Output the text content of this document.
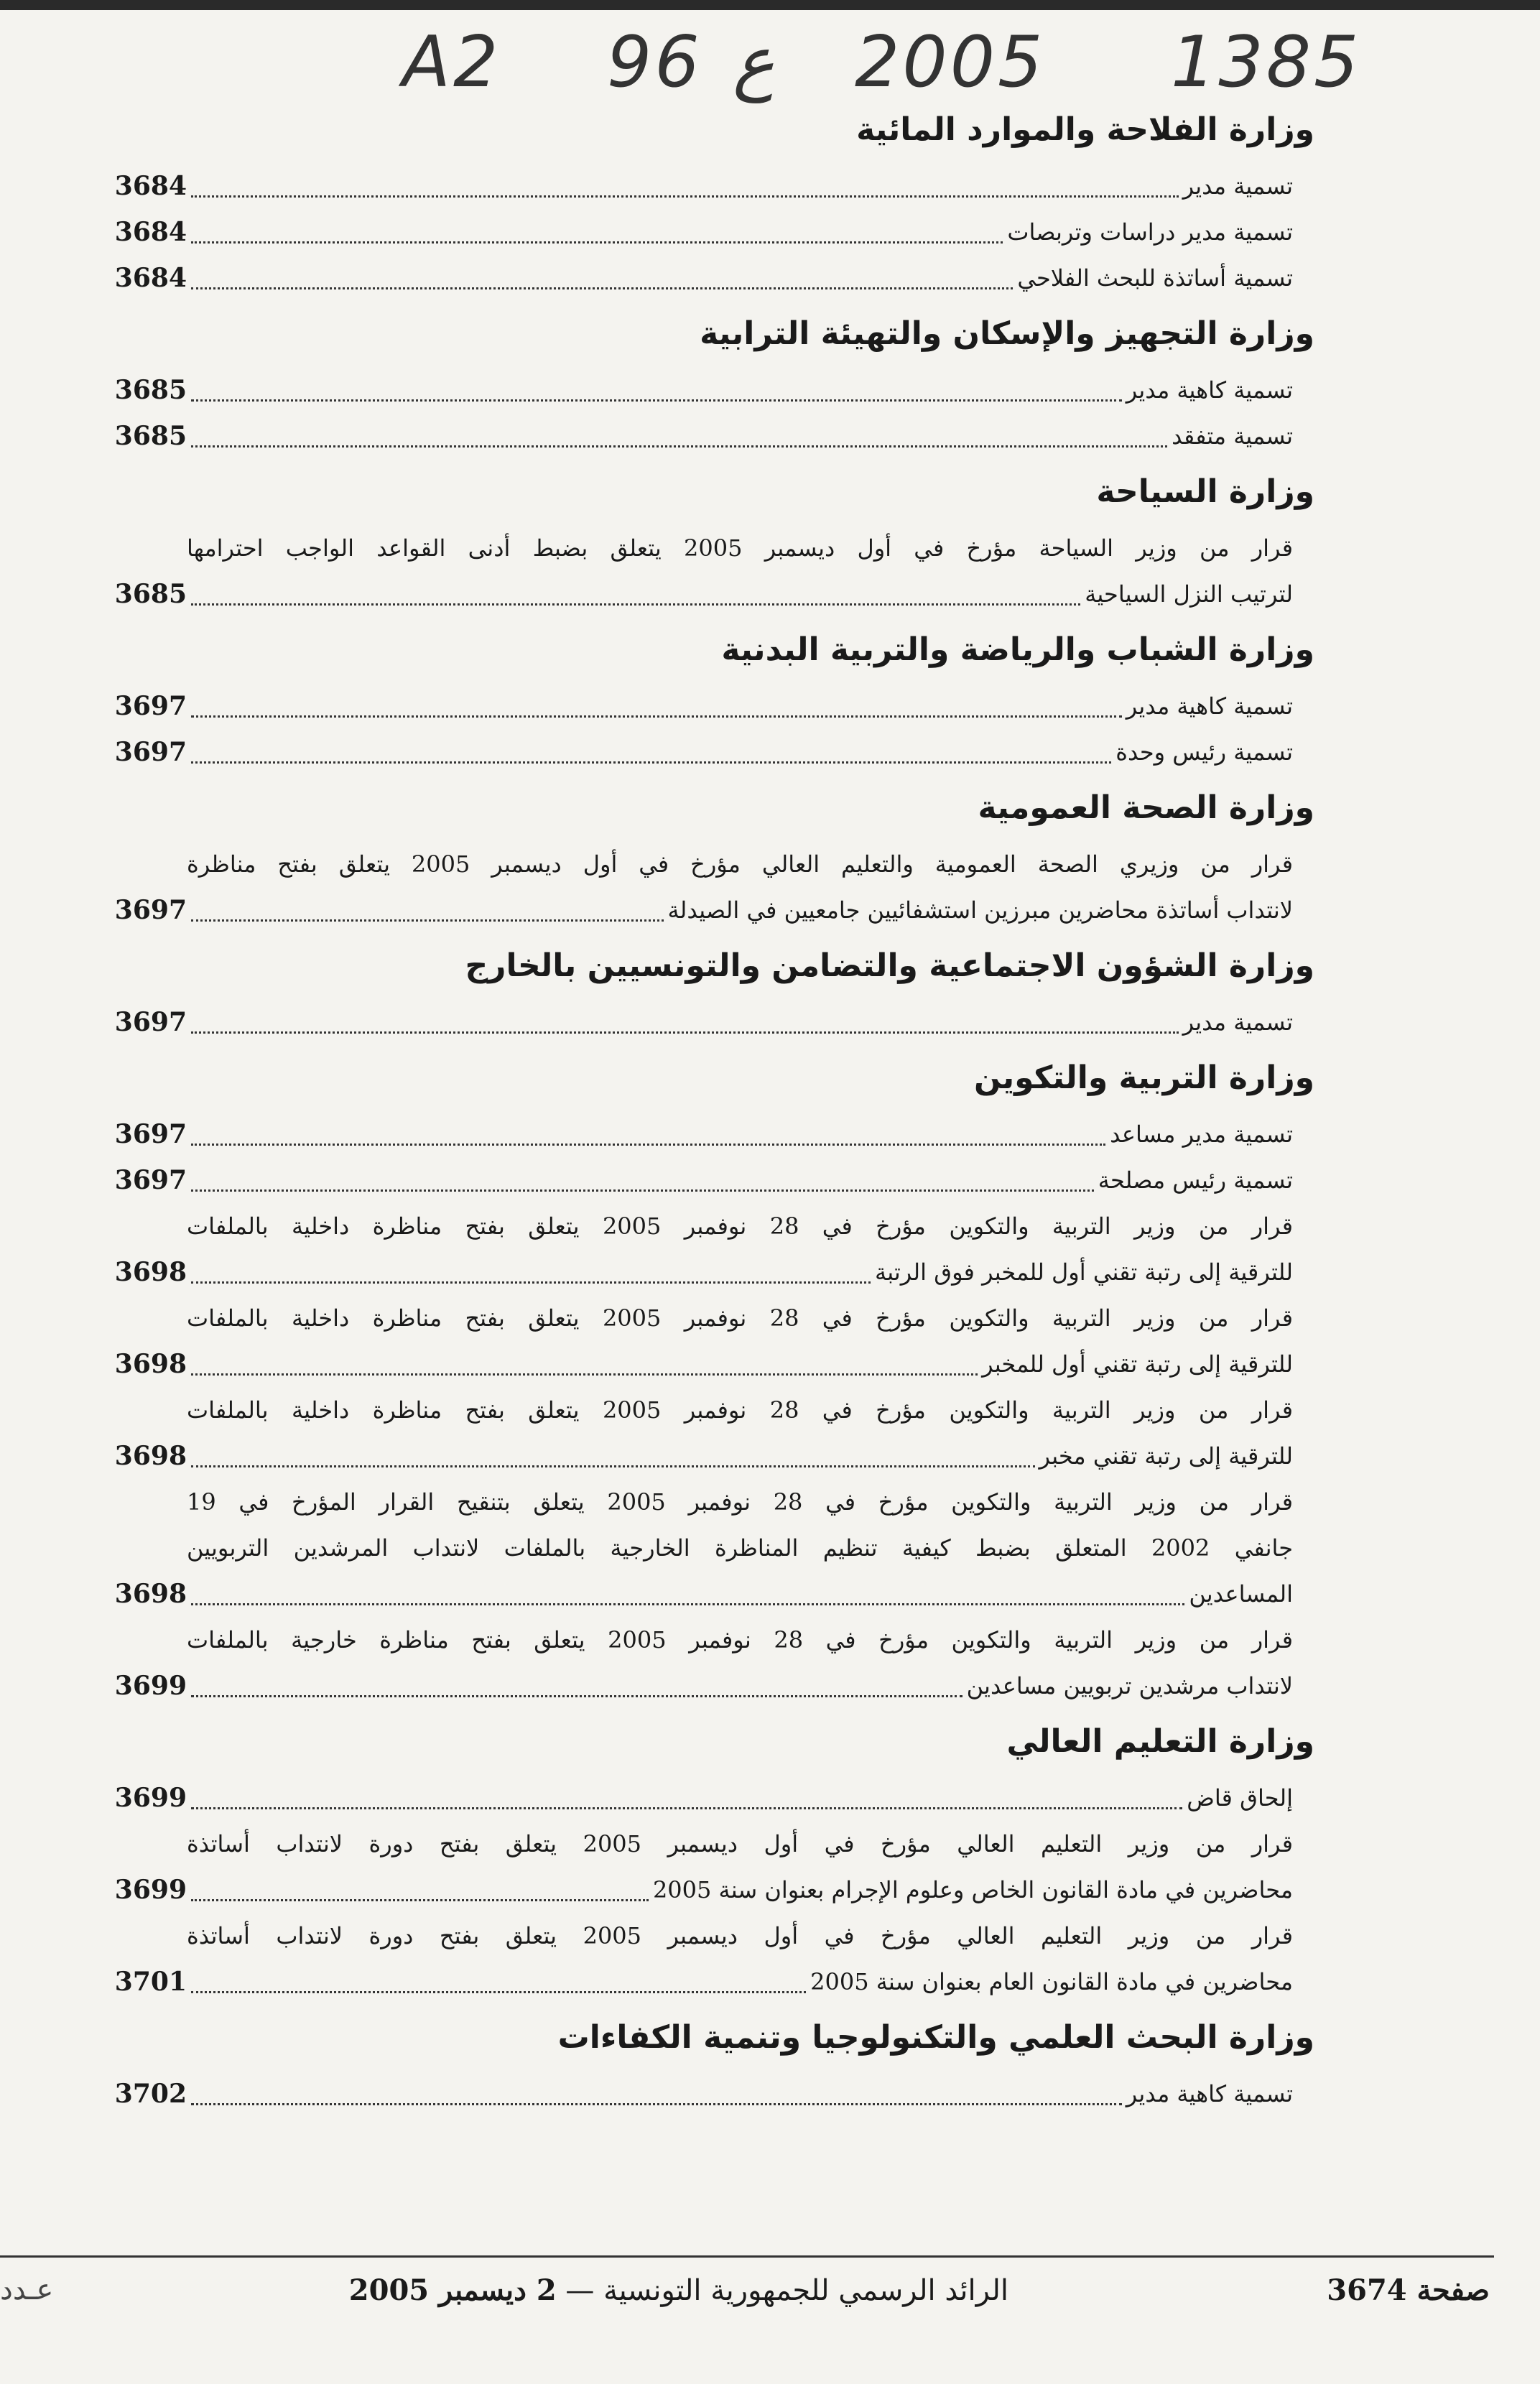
A2 96 ع 2005 1385
وزارة الفلاحة والموارد المائية
تسمية مدير
3684
تسمية مدير دراسات وتربصات
3684
تسمية أساتذة للبحث الفلاحي
3684
وزارة التجهيز والإسكان والتهيئة الترابية
تسمية كاهية مدير
3685
تسمية متفقد
3685
وزارة السياحة
قرار من وزير السياحة مؤرخ في أول ديسمبر 2005 يتعلق بضبط أدنى القواعد الواجب احترامها
لترتيب النزل السياحية
3685
وزارة الشباب والرياضة والتربية البدنية
تسمية كاهية مدير
3697
تسمية رئيس وحدة
3697
وزارة الصحة العمومية
قرار من وزيري الصحة العمومية والتعليم العالي مؤرخ في أول ديسمبر 2005 يتعلق بفتح مناظرة
لانتداب أساتذة محاضرين مبرزين استشفائيين جامعيين في الصيدلة
3697
وزارة الشؤون الاجتماعية والتضامن والتونسيين بالخارج
تسمية مدير
3697
وزارة التربية والتكوين
تسمية مدير مساعد
3697
تسمية رئيس مصلحة
3697
قرار من وزير التربية والتكوين مؤرخ في 28 نوفمبر 2005 يتعلق بفتح مناظرة داخلية بالملفات
للترقية إلى رتبة تقني أول للمخبر فوق الرتبة
3698
قرار من وزير التربية والتكوين مؤرخ في 28 نوفمبر 2005 يتعلق بفتح مناظرة داخلية بالملفات
للترقية إلى رتبة تقني أول للمخبر
3698
قرار من وزير التربية والتكوين مؤرخ في 28 نوفمبر 2005 يتعلق بفتح مناظرة داخلية بالملفات
للترقية إلى رتبة تقني مخبر
3698
قرار من وزير التربية والتكوين مؤرخ في 28 نوفمبر 2005 يتعلق بتنقيح القرار المؤرخ في 19
جانفي 2002 المتعلق بضبط كيفية تنظيم المناظرة الخارجية بالملفات لانتداب المرشدين التربويين
المساعدين
3698
قرار من وزير التربية والتكوين مؤرخ في 28 نوفمبر 2005 يتعلق بفتح مناظرة خارجية بالملفات
لانتداب مرشدين تربويين مساعدين
3699
وزارة التعليم العالي
إلحاق قاض
3699
قرار من وزير التعليم العالي مؤرخ في أول ديسمبر 2005 يتعلق بفتح دورة لانتداب أساتذة
محاضرين في مادة القانون الخاص وعلوم الإجرام بعنوان سنة 2005
3699
قرار من وزير التعليم العالي مؤرخ في أول ديسمبر 2005 يتعلق بفتح دورة لانتداب أساتذة
محاضرين في مادة القانون العام بعنوان سنة 2005
3701
وزارة البحث العلمي والتكنولوجيا وتنمية الكفاءات
تسمية كاهية مدير
3702
صفحة 3674
الرائد الرسمي للجمهورية التونسية — 2 ديسمبر 2005
عـدد
